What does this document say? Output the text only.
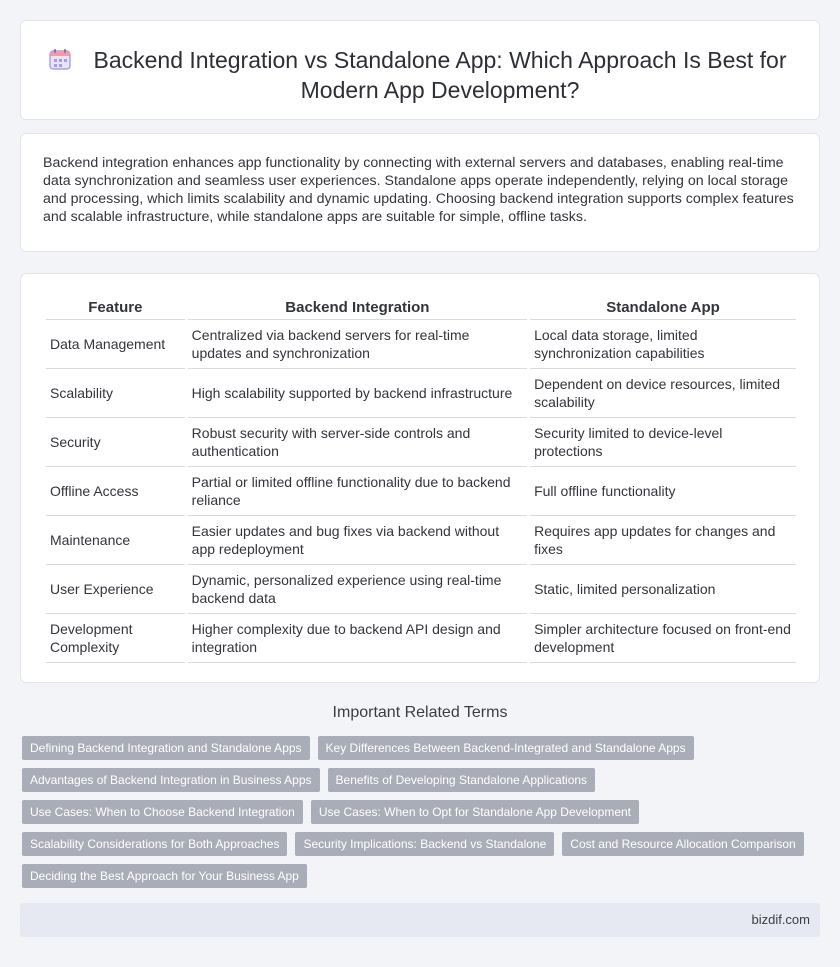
Backend Integration vs Standalone App: Which Approach Is Best for Modern App Development?

Backend integration enhances app functionality by connecting with external servers and databases, enabling real-time data synchronization and seamless user experiences. Standalone apps operate independently, relying on local storage and processing, which limits scalability and dynamic updating. Choosing backend integration supports complex features and scalable infrastructure, while standalone apps are suitable for simple, offline tasks.

Feature	Backend Integration	Standalone App
Data Management	Centralized via backend servers for real-time updates and synchronization	Local data storage, limited synchronization capabilities
Scalability	High scalability supported by backend infrastructure	Dependent on device resources, limited scalability
Security	Robust security with server-side controls and authentication	Security limited to device-level protections
Offline Access	Partial or limited offline functionality due to backend reliance	Full offline functionality
Maintenance	Easier updates and bug fixes via backend without app redeployment	Requires app updates for changes and fixes
User Experience	Dynamic, personalized experience using real-time backend data	Static, limited personalization
Development Complexity	Higher complexity due to backend API design and integration	Simpler architecture focused on front-end development
Important Related Terms
Defining Backend Integration and Standalone Apps	Key Differences Between Backend-Integrated and Standalone Apps
Advantages of Backend Integration in Business Apps	Benefits of Developing Standalone Applications
Use Cases: When to Choose Backend Integration	Use Cases: When to Opt for Standalone App Development
Scalability Considerations for Both Approaches	Security Implications: Backend vs Standalone	Cost and Resource Allocation Comparison
Deciding the Best Approach for Your Business App
bizdif.com
